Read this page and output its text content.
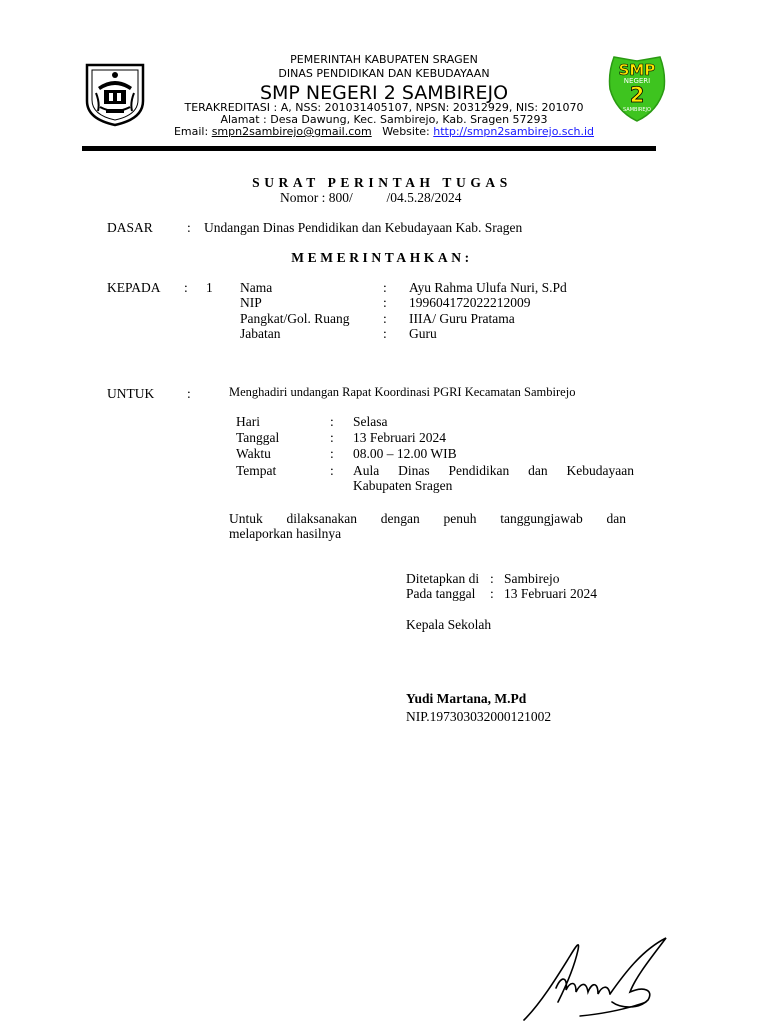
PEMERINTAH KABUPATEN SRAGEN
DINAS PENDIDIKAN DAN KEBUDAYAAN
SMP NEGERI 2 SAMBIREJO
TERAKREDITASI : A, NSS: 201031405107, NPSN: 20312929, NIS: 201070
Alamat : Desa Dawung, Kec. Sambirejo, Kab. Sragen 57293
Email: smpn2sambirejo@gmail.com Website: http://smpn2sambirejo.sch.id
SMP
NEGERI
2
SAMBIREJO
SURAT PERINTAH TUGAS
Nomor : 800/          /04.5.28/2024
DASAR	: Undangan Dinas Pendidikan dan Kebudayaan Kab. Sragen
MEMERINTAHKAN:
KEPADA : 1 Nama	: Ayu Rahma Ulufa Nuri, S.Pd
NIP	: 199604172022212009
Pangkat/Gol. Ruang : IIIA/ Guru Pratama
Jabatan	: Guru
UNTUK :	Menghadiri undangan Rapat Koordinasi PGRI Kecamatan Sambirejo
Hari	: Selasa
Tanggal	: 13 Februari 2024
Waktu	: 08.00 – 12.00 WIB
Tempat	: Aula Dinas Pendidikan dan Kebudayaan
Kabupaten Sragen
Untuk dilaksanakan dengan penuh tanggungjawab dan
melaporkan hasilnya
Ditetapkan di : Sambirejo
Pada tanggal : 13 Februari 2024
Kepala Sekolah
Yudi Martana, M.Pd
NIP.197303032000121002
